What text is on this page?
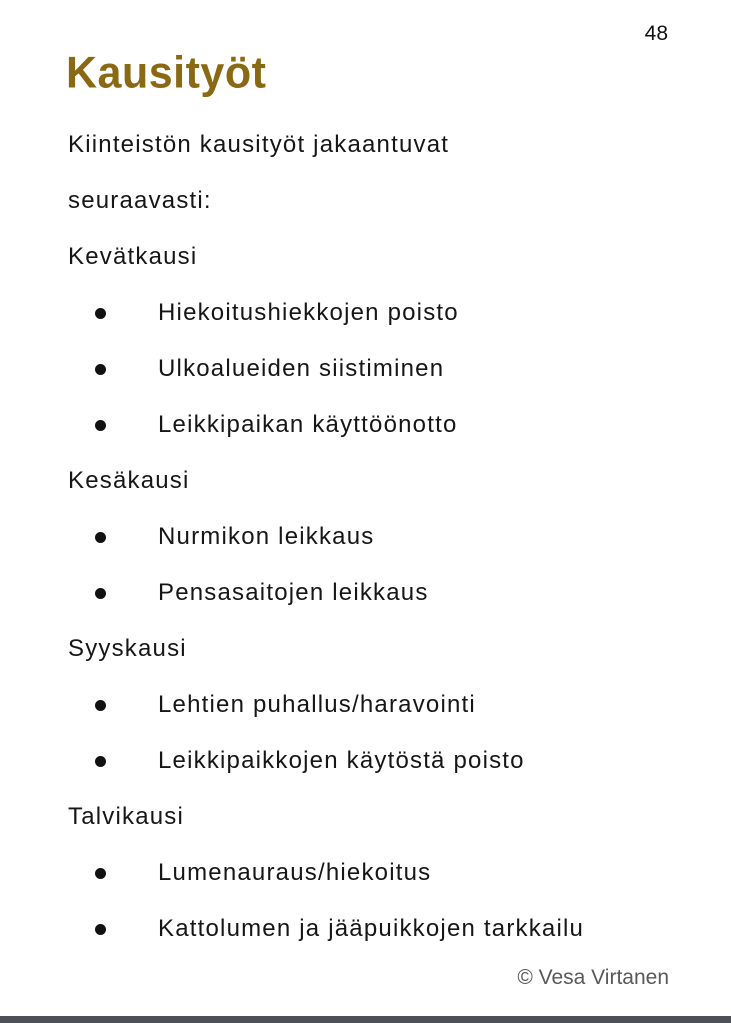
48
Kausityöt
Kiinteistön kausityöt jakaantuvat
seuraavasti:
Kevätkausi
Hiekoitushiekkojen poisto
Ulkoalueiden siistiminen
Leikkipaikan käyttöönotto
Kesäkausi
Nurmikon leikkaus
Pensasaitojen leikkaus
Syyskausi
Lehtien puhallus/haravointi
Leikkipaikkojen käytöstä poisto
Talvikausi
Lumenauraus/hiekoitus
Kattolumen ja jääpuikkojen tarkkailu
© Vesa Virtanen
